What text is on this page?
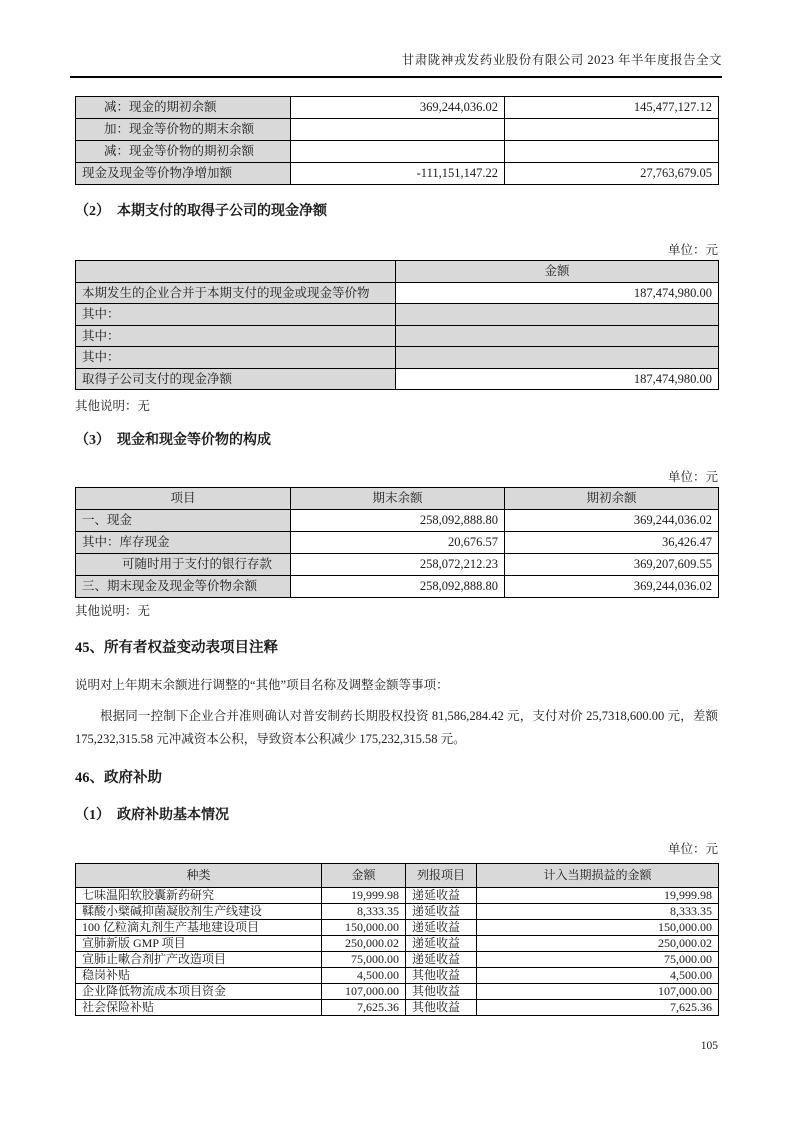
甘肃陇神戎发药业股份有限公司 2023 年半年度报告全文
减：现金的期初余额	369,244,036.02	145,477,127.12
加：现金等价物的期末余额		
减：现金等价物的期初余额		
现金及现金等价物净增加额	-111,151,147.22	27,763,679.05
（2）　本期支付的取得子公司的现金净额
单位：元
	金额
本期发生的企业合并于本期支付的现金或现金等价物	187,474,980.00
其中：	
其中：	
其中：	
取得子公司支付的现金净额	187,474,980.00
其他说明：无
（3）　现金和现金等价物的构成
单位：元
项目	期末余额	期初余额
一、现金	258,092,888.80	369,244,036.02
其中：库存现金	20,676.57	36,426.47
可随时用于支付的银行存款	258,072,212.23	369,207,609.55
三、期末现金及现金等价物余额	258,092,888.80	369,244,036.02
其他说明：无
45、所有者权益变动表项目注释
说明对上年期末余额进行调整的“其他”项目名称及调整金额等事项：
根据同一控制下企业合并准则确认对普安制药长期股权投资 81,586,284.42 元，支付对价 25,7318,600.00 元，差额 175,232,315.58 元冲减资本公积，导致资本公积减少 175,232,315.58 元。
46、政府补助
（1）　政府补助基本情况
单位：元
种类	金额	列报项目	计入当期损益的金额
七味温阳软胶囊新药研究	19,999.98	递延收益	19,999.98
鞣酸小檗碱抑菌凝胶剂生产线建设	8,333.35	递延收益	8,333.35
100 亿粒滴丸剂生产基地建设项目	150,000.00	递延收益	150,000.00
宣肺新版 GMP 项目	250,000.02	递延收益	250,000.02
宣肺止嗽合剂扩产改造项目	75,000.00	递延收益	75,000.00
稳岗补贴	4,500.00	其他收益	4,500.00
企业降低物流成本项目资金	107,000.00	其他收益	107,000.00
社会保险补贴	7,625.36	其他收益	7,625.36
105
